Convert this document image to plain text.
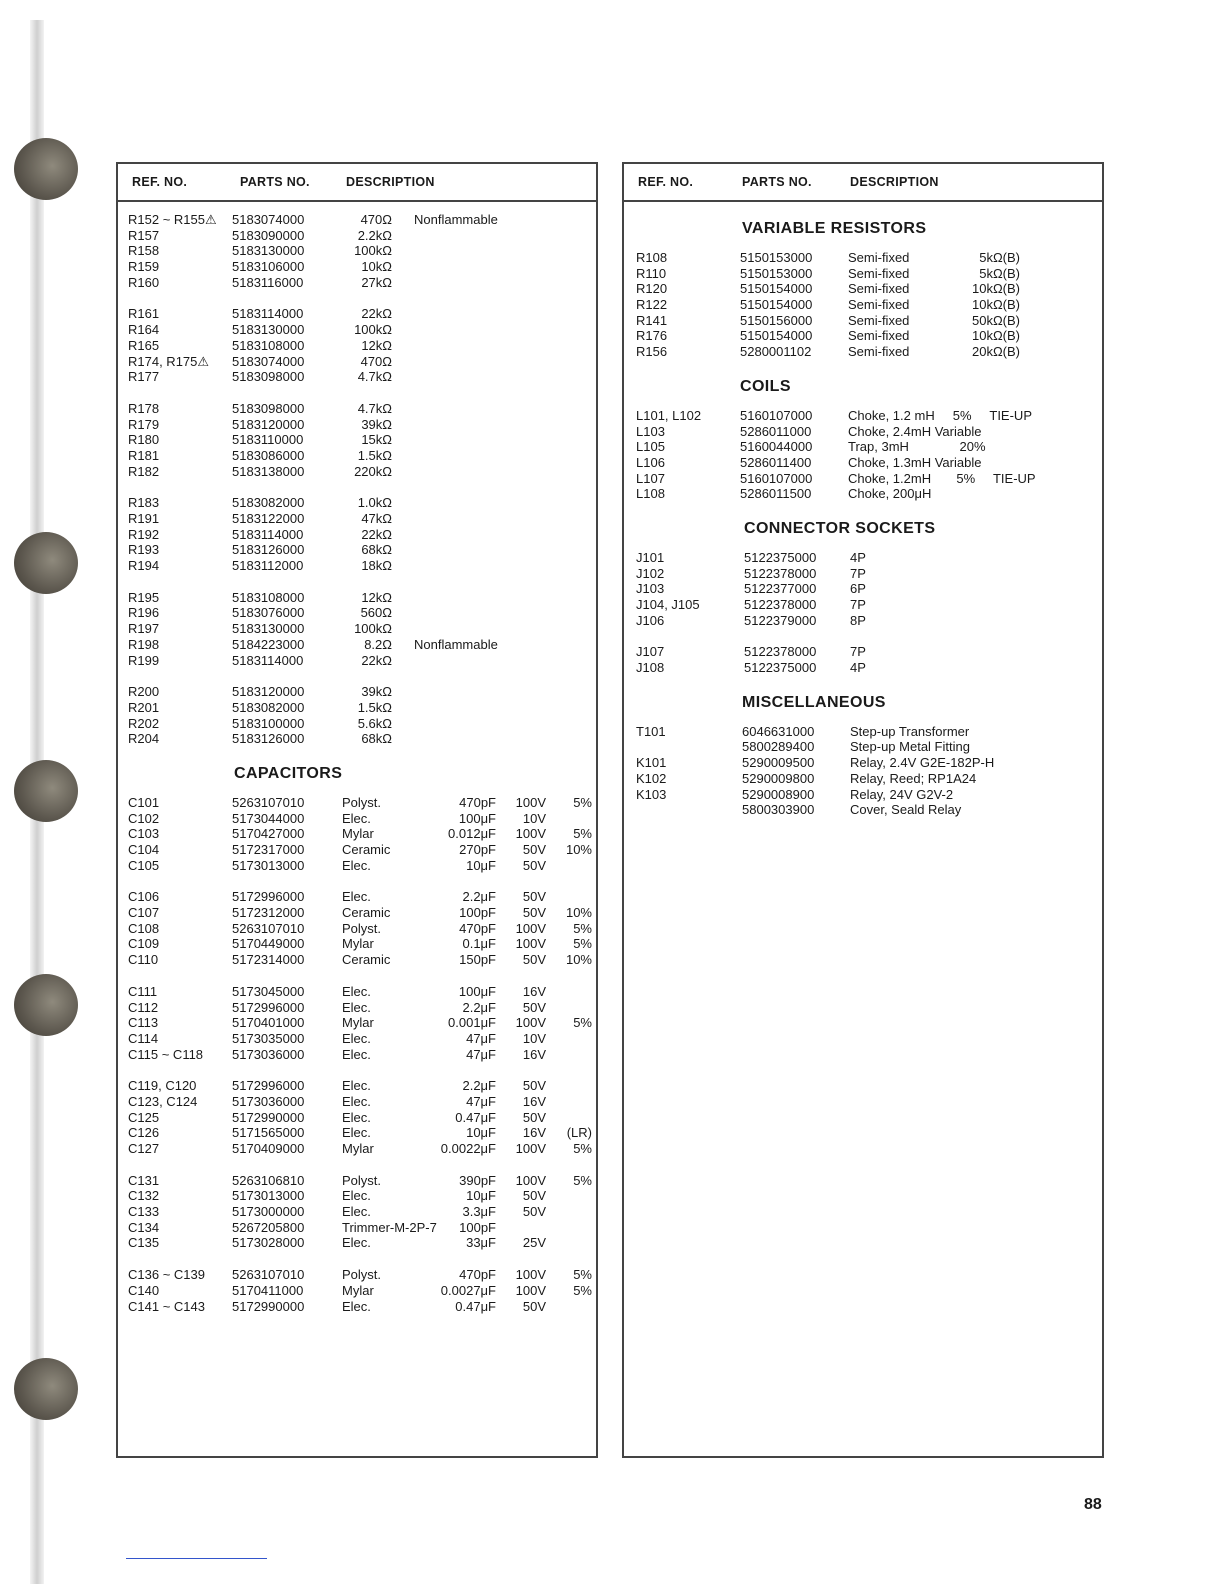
REF. NO.	PARTS NO.	DESCRIPTION
R152 ~ R155⚠ 5183074000	470Ω Nonflammable
R157	5183090000	2.2kΩ
R158	5183130000	100kΩ
R159	5183106000	10kΩ
R160	5183116000	27kΩ
R161	5183114000	22kΩ
R164	5183130000	100kΩ
R165	5183108000	12kΩ
R174, R175⚠ 5183074000	470Ω
R177	5183098000	4.7kΩ
R178	5183098000	4.7kΩ
R179	5183120000	39kΩ
R180	5183110000	15kΩ
R181	5183086000	1.5kΩ
R182	5183138000	220kΩ
R183	5183082000	1.0kΩ
R191	5183122000	47kΩ
R192	5183114000	22kΩ
R193	5183126000	68kΩ
R194	5183112000	18kΩ
R195	5183108000	12kΩ
R196	5183076000	560Ω
R197	5183130000	100kΩ
R198	5184223000	8.2Ω Nonflammable
R199	5183114000	22kΩ
R200	5183120000	39kΩ
R201	5183082000	1.5kΩ
R202	5183100000	5.6kΩ
R204	5183126000	68kΩ
CAPACITORS
C101	5263107010	Polyst.	470pF	100V	5%
C102	5173044000	Elec.	100μF	10V
C103	5170427000	Mylar	0.012μF	100V	5%
C104	5172317000	Ceramic	270pF	50V	10%
C105	5173013000	Elec.	10μF	50V
C106	5172996000	Elec.	2.2μF	50V
C107	5172312000	Ceramic	100pF	50V	10%
C108	5263107010	Polyst.	470pF	100V	5%
C109	5170449000	Mylar	0.1μF	100V	5%
C110	5172314000	Ceramic	150pF	50V	10%
C111	5173045000	Elec.	100μF	16V
C112	5172996000	Elec.	2.2μF	50V
C113	5170401000	Mylar	0.001μF	100V	5%
C114	5173035000	Elec.	47μF	10V
C115 ~ C118 5173036000	Elec.	47μF	16V
C119, C120	5172996000	Elec.	2.2μF	50V
C123, C124	5173036000	Elec.	47μF	16V
C125	5172990000	Elec.	0.47μF	50V
C126	5171565000	Elec.	10μF	16V	(LR)
C127	5170409000	Mylar	0.0022μF	100V	5%
C131	5263106810	Polyst.	390pF	100V	5%
C132	5173013000	Elec.	10μF	50V
C133	5173000000	Elec.	3.3μF	50V
C134	5267205800	Trimmer-M-2P-7	100pF
C135	5173028000	Elec.	33μF	25V
C136 ~ C139 5263107010	Polyst.	470pF	100V	5%
C140	5170411000	Mylar	0.0027μF	100V	5%
C141 ~ C143 5172990000	Elec.	0.47μF	50V
REF. NO.	PARTS NO.	DESCRIPTION
VARIABLE RESISTORS
R108	5150153000	Semi-fixed	5kΩ(B)
R110	5150153000	Semi-fixed	5kΩ(B)
R120	5150154000	Semi-fixed	10kΩ(B)
R122	5150154000	Semi-fixed	10kΩ(B)
R141	5150156000	Semi-fixed	50kΩ(B)
R176	5150154000	Semi-fixed	10kΩ(B)
R156	5280001102	Semi-fixed	20kΩ(B)
COILS
L101, L102	5160107000	Choke, 1.2 mH     5%     TIE-UP
L103	5286011000	Choke, 2.4mH Variable
L105	5160044000	Trap, 3mH              20%
L106	5286011400	Choke, 1.3mH Variable
L107	5160107000	Choke, 1.2mH       5%     TIE-UP
L108	5286011500	Choke, 200μH
CONNECTOR SOCKETS
J101	5122375000	4P
J102	5122378000	7P
J103	5122377000	6P
J104, J105	5122378000	7P
J106	5122379000	8P
J107	5122378000	7P
J108	5122375000	4P
MISCELLANEOUS
T101	6046631000	Step-up Transformer
5800289400	Step-up Metal Fitting
K101	5290009500	Relay, 2.4V G2E-182P-H
K102	5290009800	Relay, Reed; RP1A24
K103	5290008900	Relay, 24V G2V-2
5800303900	Cover, Seald Relay
88
